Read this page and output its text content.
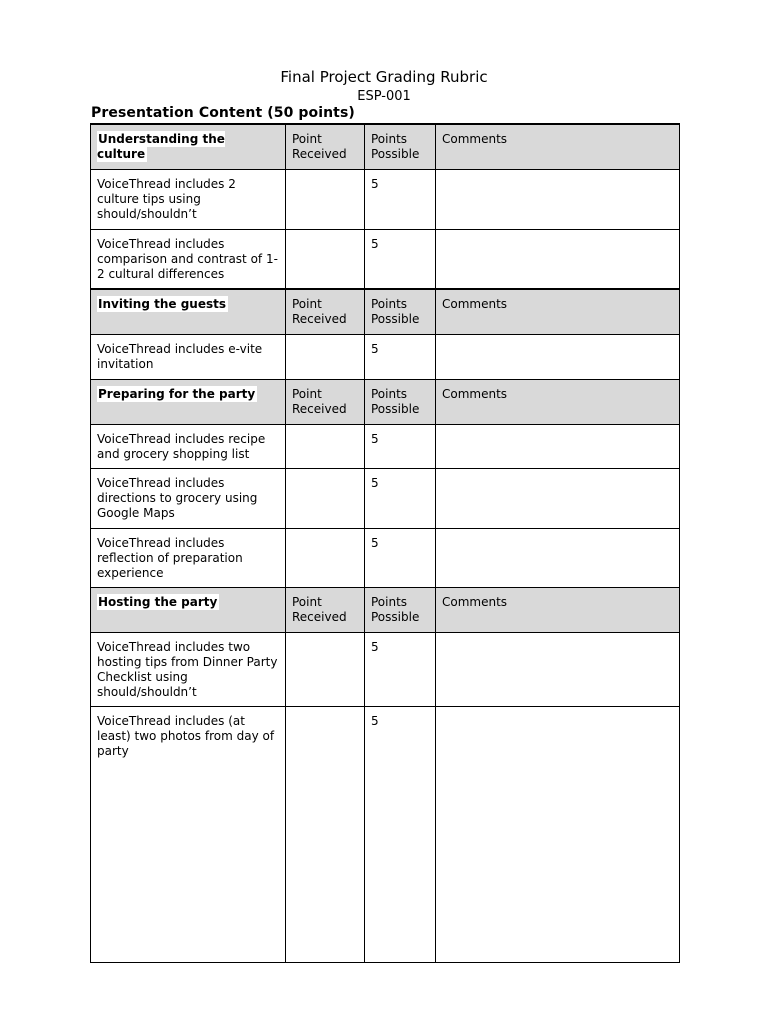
Final Project Grading Rubric
ESP-001
Presentation Content (50 points)
Understanding the culture	Point Received	Points Possible	Comments
VoiceThread includes 2 culture tips using should/shouldn’t		5	
VoiceThread includes comparison and contrast of 1-2 cultural differences		5	
Inviting the guests	Point Received	Points Possible	Comments
VoiceThread includes e-vite invitation		5	
Preparing for the party	Point Received	Points Possible	Comments
VoiceThread includes recipe and grocery shopping list		5	
VoiceThread includes directions to grocery using Google Maps		5	
VoiceThread includes reflection of preparation experience		5	
Hosting the party	Point Received	Points Possible	Comments
VoiceThread includes two hosting tips from Dinner Party Checklist using should/shouldn’t		5	
VoiceThread includes (at least) two photos from day of party		5	
